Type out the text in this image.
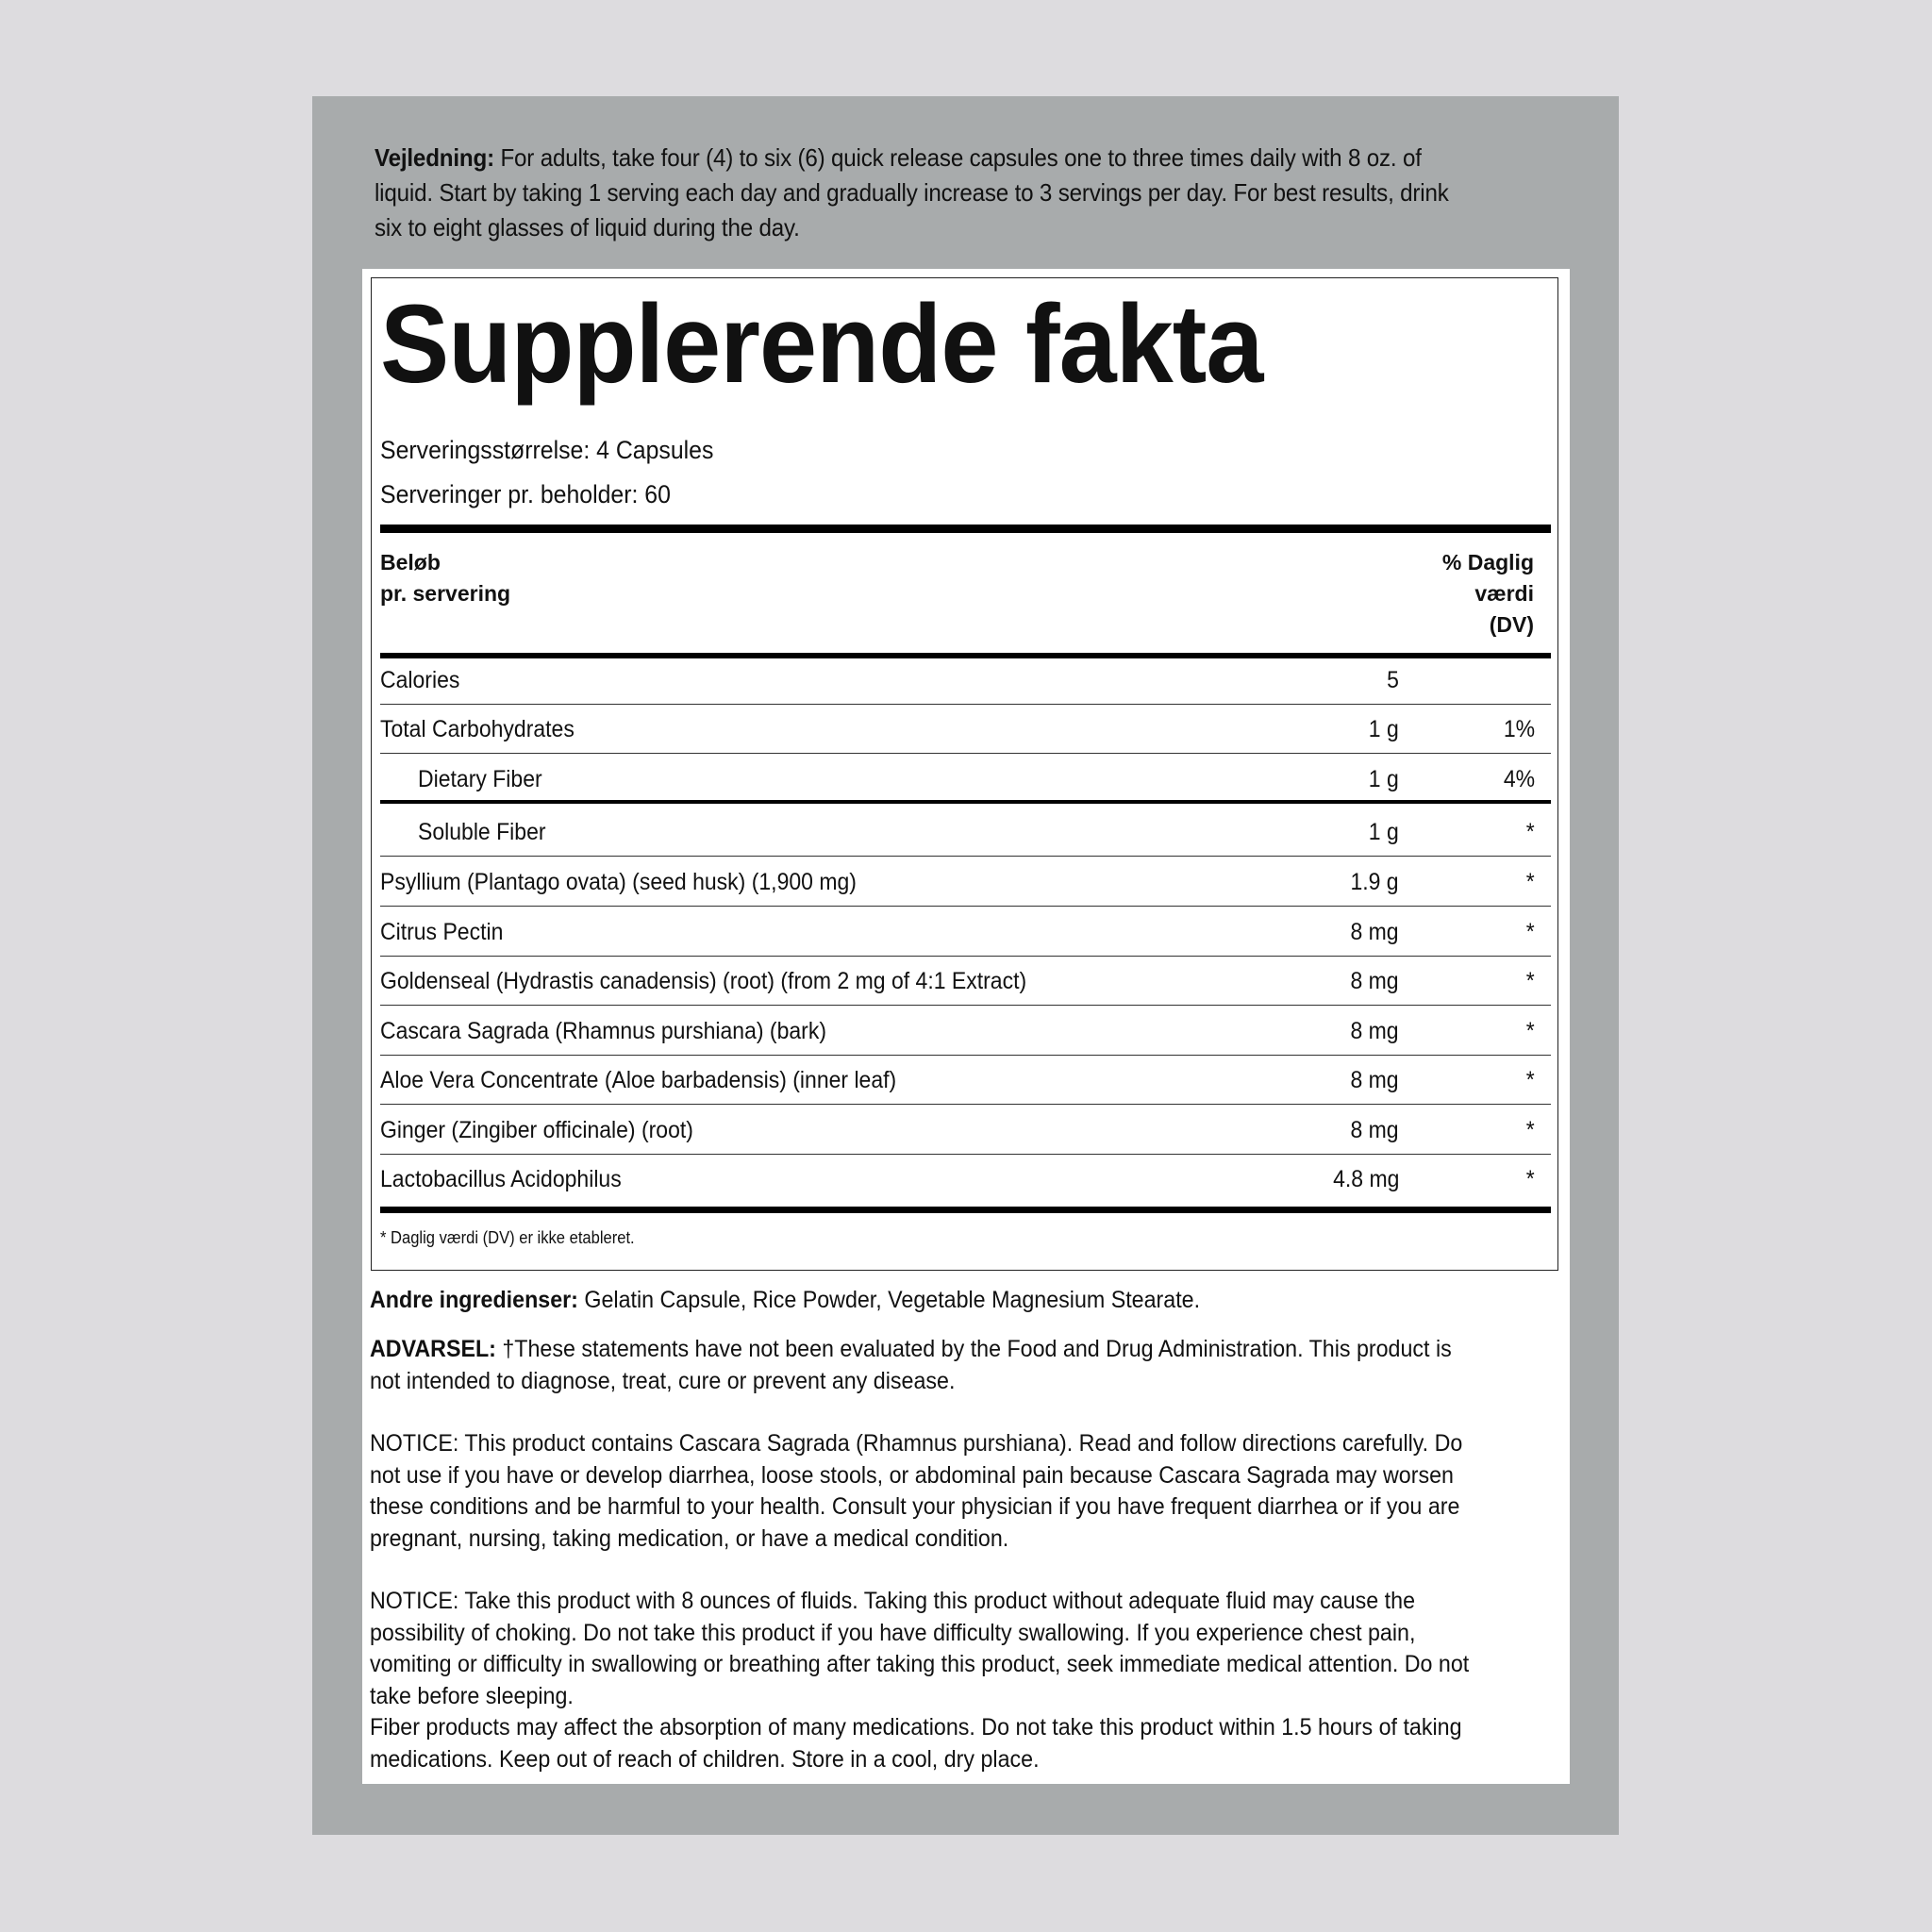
Vejledning: For adults, take four (4) to six (6) quick release capsules one to three times daily with 8 oz. of liquid. Start by taking 1 serving each day and gradually increase to 3 servings per day. For best results, drink six to eight glasses of liquid during the day.
Supplerende fakta
Serveringsstørrelse: 4 Capsules
Serveringer pr. beholder: 60
Beløb
pr. servering
% Daglig
værdi
(DV)
Calories	5
Total Carbohydrates	1 g	1%
Dietary Fiber	1 g	4%
Soluble Fiber	1 g	*
Psyllium (Plantago ovata) (seed husk) (1,900 mg)	1.9 g	*
Citrus Pectin	8 mg	*
Goldenseal (Hydrastis canadensis) (root) (from 2 mg of 4:1 Extract)	8 mg	*
Cascara Sagrada (Rhamnus purshiana) (bark)	8 mg	*
Aloe Vera Concentrate (Aloe barbadensis) (inner leaf)	8 mg	*
Ginger (Zingiber officinale) (root)	8 mg	*
Lactobacillus Acidophilus	4.8 mg	*
* Daglig værdi (DV) er ikke etableret.

Andre ingredienser: Gelatin Capsule, Rice Powder, Vegetable Magnesium Stearate.

ADVARSEL: †These statements have not been evaluated by the Food and Drug Administration. This product is not intended to diagnose, treat, cure or prevent any disease.

NOTICE: This product contains Cascara Sagrada (Rhamnus purshiana). Read and follow directions carefully. Do not use if you have or develop diarrhea, loose stools, or abdominal pain because Cascara Sagrada may worsen these conditions and be harmful to your health. Consult your physician if you have frequent diarrhea or if you are pregnant, nursing, taking medication, or have a medical condition.

NOTICE: Take this product with 8 ounces of fluids. Taking this product without adequate fluid may cause the possibility of choking. Do not take this product if you have difficulty swallowing. If you experience chest pain, vomiting or difficulty in swallowing or breathing after taking this product, seek immediate medical attention. Do not take before sleeping.

Fiber products may affect the absorption of many medications. Do not take this product within 1.5 hours of taking medications. Keep out of reach of children. Store in a cool, dry place.
